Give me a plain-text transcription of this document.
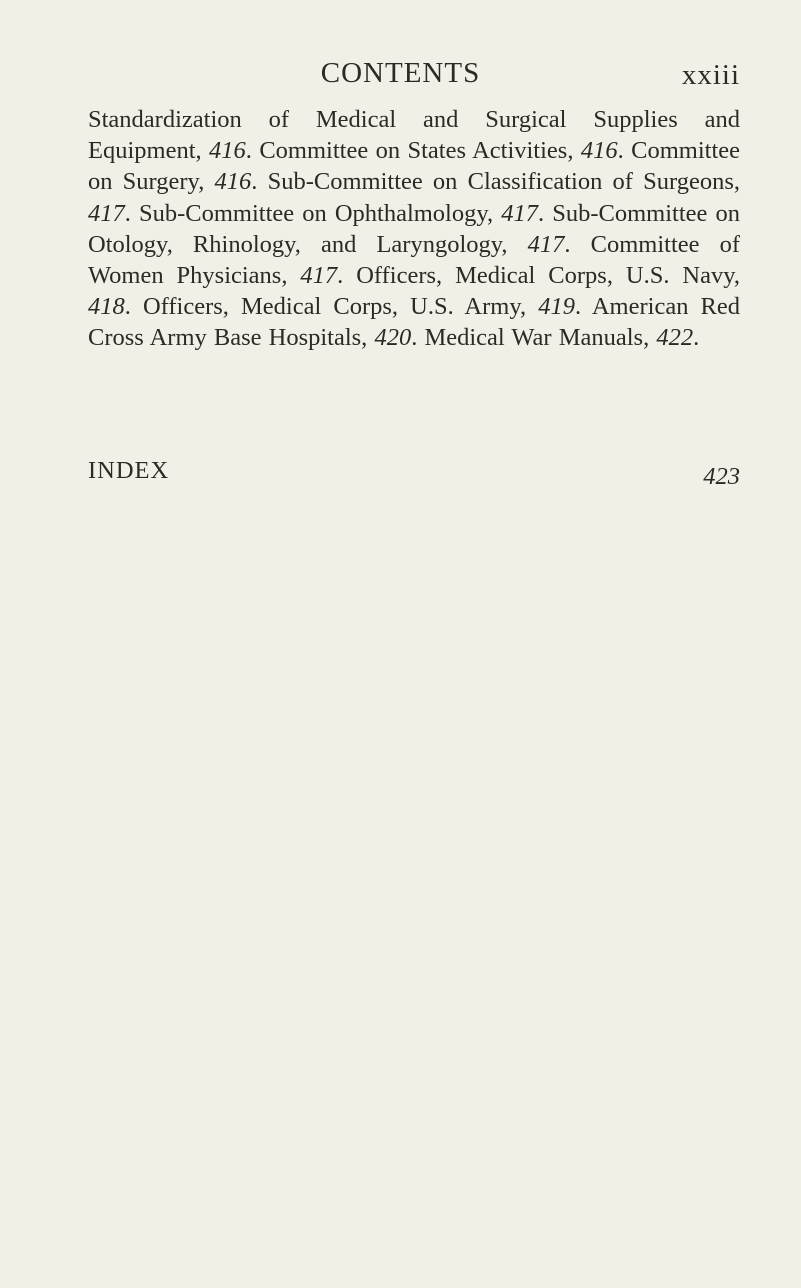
CONTENTS	xxiii
Standardization of Medical and Surgical Supplies and Equipment, 416. Committee on States Activities, 416. Committee on Surgery, 416. Sub-Committee on Classification of Surgeons, 417. Sub-Committee on Ophthalmology, 417. Sub-Committee on Otology, Rhinology, and Laryngology, 417. Committee of Women Physicians, 417. Officers, Medical Corps, U.S. Navy, 418. Officers, Medical Corps, U.S. Army, 419. American Red Cross Army Base Hospitals, 420. Medical War Manuals, 422.
INDEX	423
